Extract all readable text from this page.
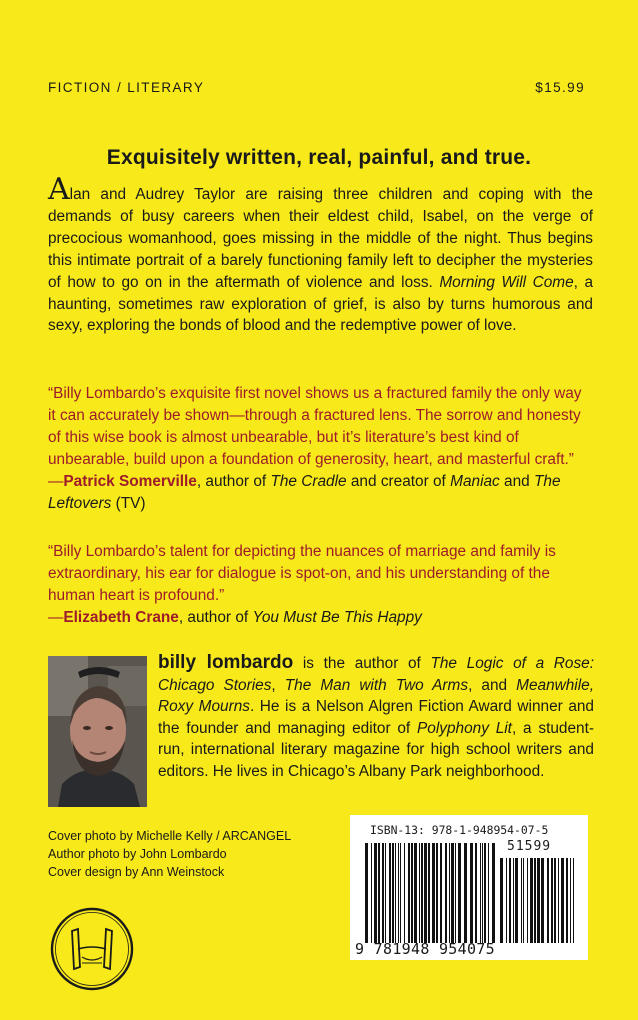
FICTION / LITERARY	$15.99
Exquisitely written, real, painful, and true.

Alan and Audrey Taylor are raising three children and coping with the demands of busy careers when their eldest child, Isabel, on the verge of precocious womanhood, goes missing in the middle of the night. Thus begins this intimate portrait of a barely functioning family left to decipher the mysteries of how to go on in the aftermath of violence and loss. Morning Will Come, a haunting, sometimes raw exploration of grief, is also by turns humorous and sexy, exploring the bonds of blood and the redemptive power of love.

“Billy Lombardo’s exquisite first novel shows us a fractured family the only way it can accurately be shown—through a fractured lens. The sorrow and honesty of this wise book is almost unbearable, but it’s literature’s best kind of unbearable, build upon a foundation of generosity, heart, and masterful craft.” —Patrick Somerville, author of The Cradle and creator of Maniac and The Leftovers (TV)

“Billy Lombardo’s talent for depicting the nuances of marriage and family is extraordinary, his ear for dialogue is spot-on, and his understanding of the human heart is profound.”
—Elizabeth Crane, author of You Must Be This Happy

billy lombardo is the author of The Logic of a Rose: Chicago Stories, The Man with Two Arms, and Meanwhile, Roxy Mourns. He is a Nelson Algren Fiction Award winner and the founder and managing editor of Polyphony Lit, a student-run, international literary magazine for high school writers and editors. He lives in Chicago’s Albany Park neighborhood.

Cover photo by Michelle Kelly / ARCANGEL
Author photo by John Lombardo
Cover design by Ann Weinstock
ISBN-13: 978-1-948954-07-5
51599
9 781948 954075
